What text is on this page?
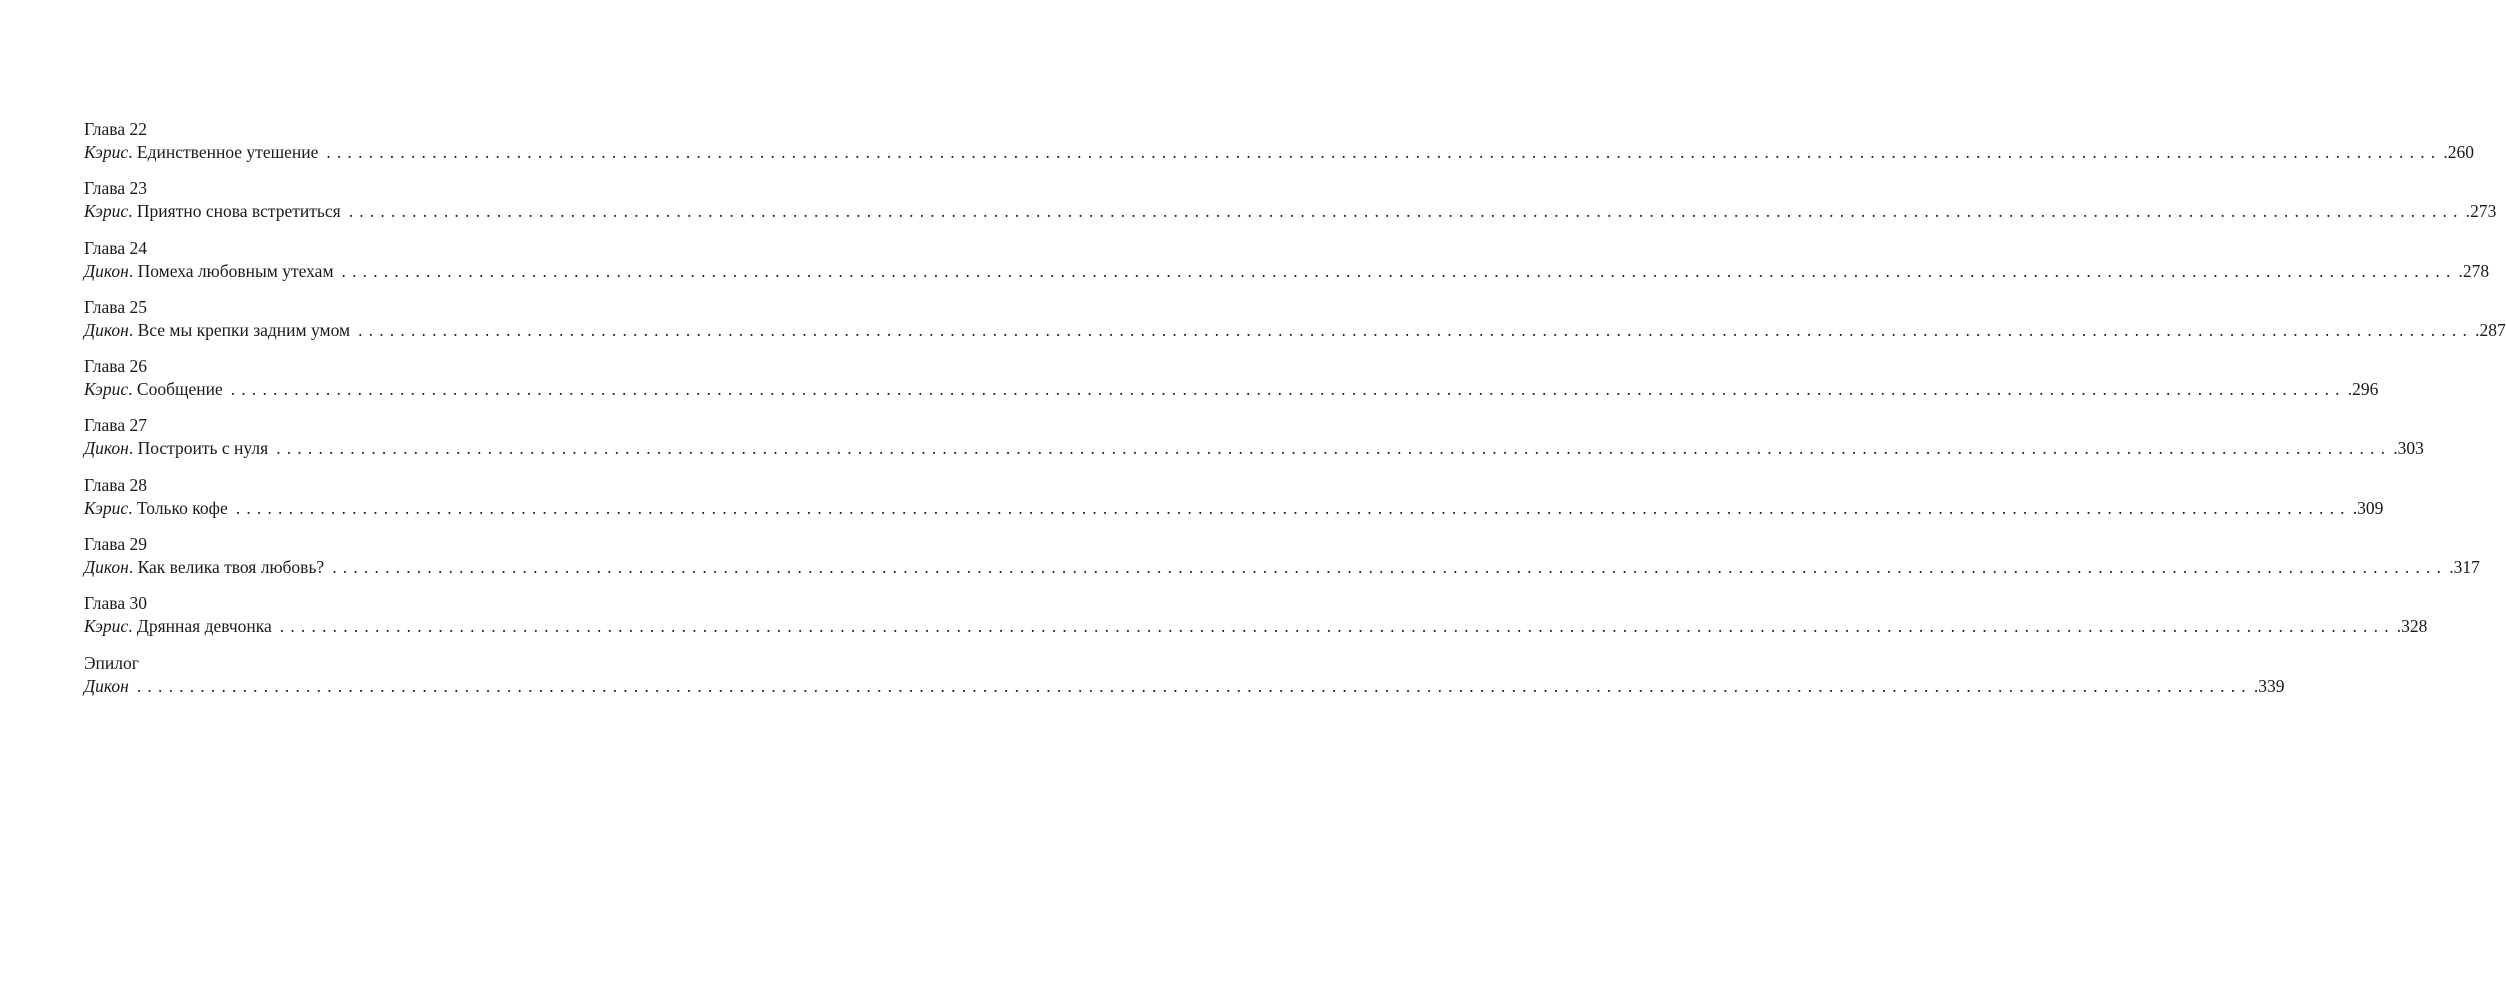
Глава 22
Кэрис. Единственное утешение ........................................................................................................................................................................................................ .260
Глава 23
Кэрис. Приятно снова встретиться ........................................................................................................................................................................................................ .273
Глава 24
Дикон. Помеха любовным утехам ........................................................................................................................................................................................................ .278
Глава 25
Дикон. Все мы крепки задним умом ........................................................................................................................................................................................................ .287
Глава 26
Кэрис. Сообщение ........................................................................................................................................................................................................ .296
Глава 27
Дикон. Построить с нуля ........................................................................................................................................................................................................ .303
Глава 28
Кэрис. Только кофе ........................................................................................................................................................................................................ .309
Глава 29
Дикон. Как велика твоя любовь? ........................................................................................................................................................................................................ .317
Глава 30
Кэрис. Дрянная девчонка ........................................................................................................................................................................................................ .328
Эпилог
Дикон ........................................................................................................................................................................................................ .339
